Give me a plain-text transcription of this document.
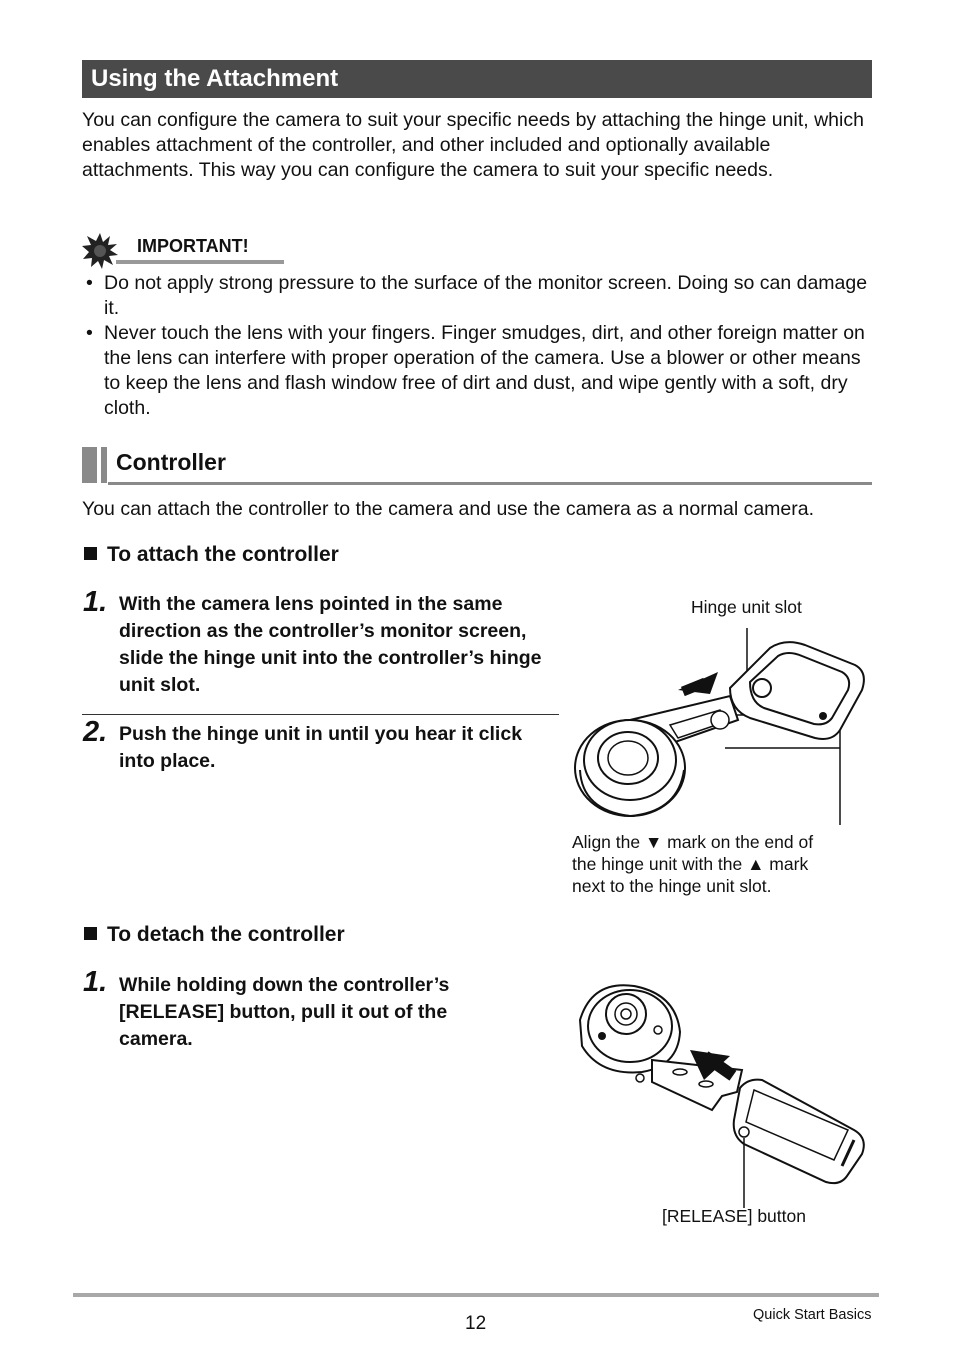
Using the Attachment
You can configure the camera to suit your specific needs by attaching the hinge unit, which enables attachment of the controller, and other included and optionally available attachments. This way you can configure the camera to suit your specific needs.
IMPORTANT!
• Do not apply strong pressure to the surface of the monitor screen. Doing so can damage it.
• Never touch the lens with your fingers. Finger smudges, dirt, and other foreign matter on the lens can interfere with proper operation of the camera. Use a blower or other means to keep the lens and flash window free of dirt and dust, and wipe gently with a soft, dry cloth.
Controller
You can attach the controller to the camera and use the camera as a normal camera.
To attach the controller
1. With the camera lens pointed in the same direction as the controller’s monitor screen, slide the hinge unit into the controller’s hinge unit slot.
2. Push the hinge unit in until you hear it click into place.
Hinge unit slot
Align the ▼ mark on the end of
the hinge unit with the ▲ mark
next to the hinge unit slot.
To detach the controller
1. While holding down the controller’s [RELEASE] button, pull it out of the camera.
[RELEASE] button
12	Quick Start Basics
